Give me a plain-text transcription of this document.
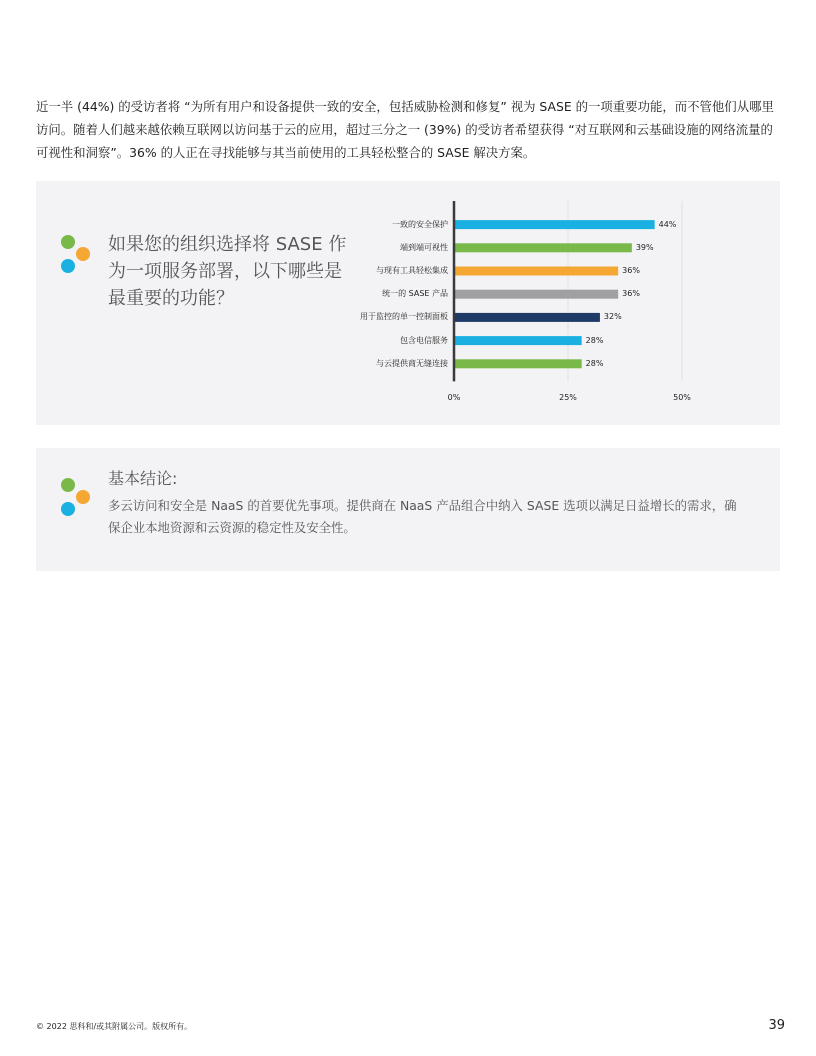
近一半 (44%) 的受访者将 “为所有用户和设备提供一致的安全，包括威胁检测和修复” 视为 SASE 的一项重要功能，而不管他们从哪里访问。随着人们越来越依赖互联网以访问基于云的应用，超过三分之一 (39%) 的受访者希望获得 “对互联网和云基础设施的网络流量的可视性和洞察”。36% 的人正在寻找能够与其当前使用的工具轻松整合的 SASE 解决方案。

如果您的组织选择将 SASE 作为一项服务部署，以下哪些是最重要的功能？

一致的安全保护	44%
端到端可视性	39%
与现有工具轻松集成	36%
统一的 SASE 产品	36%
用于监控的单一控制面板	32%
包含电信服务	28%
与云提供商无缝连接	28%
0%	25%	50%
基本结论:

多云访问和安全是 NaaS 的首要优先事项。提供商在 NaaS 产品组合中纳入 SASE 选项以满足日益增长的需求，确保企业本地资源和云资源的稳定性及安全性。

© 2022 思科和/或其附属公司。版权所有。	39
